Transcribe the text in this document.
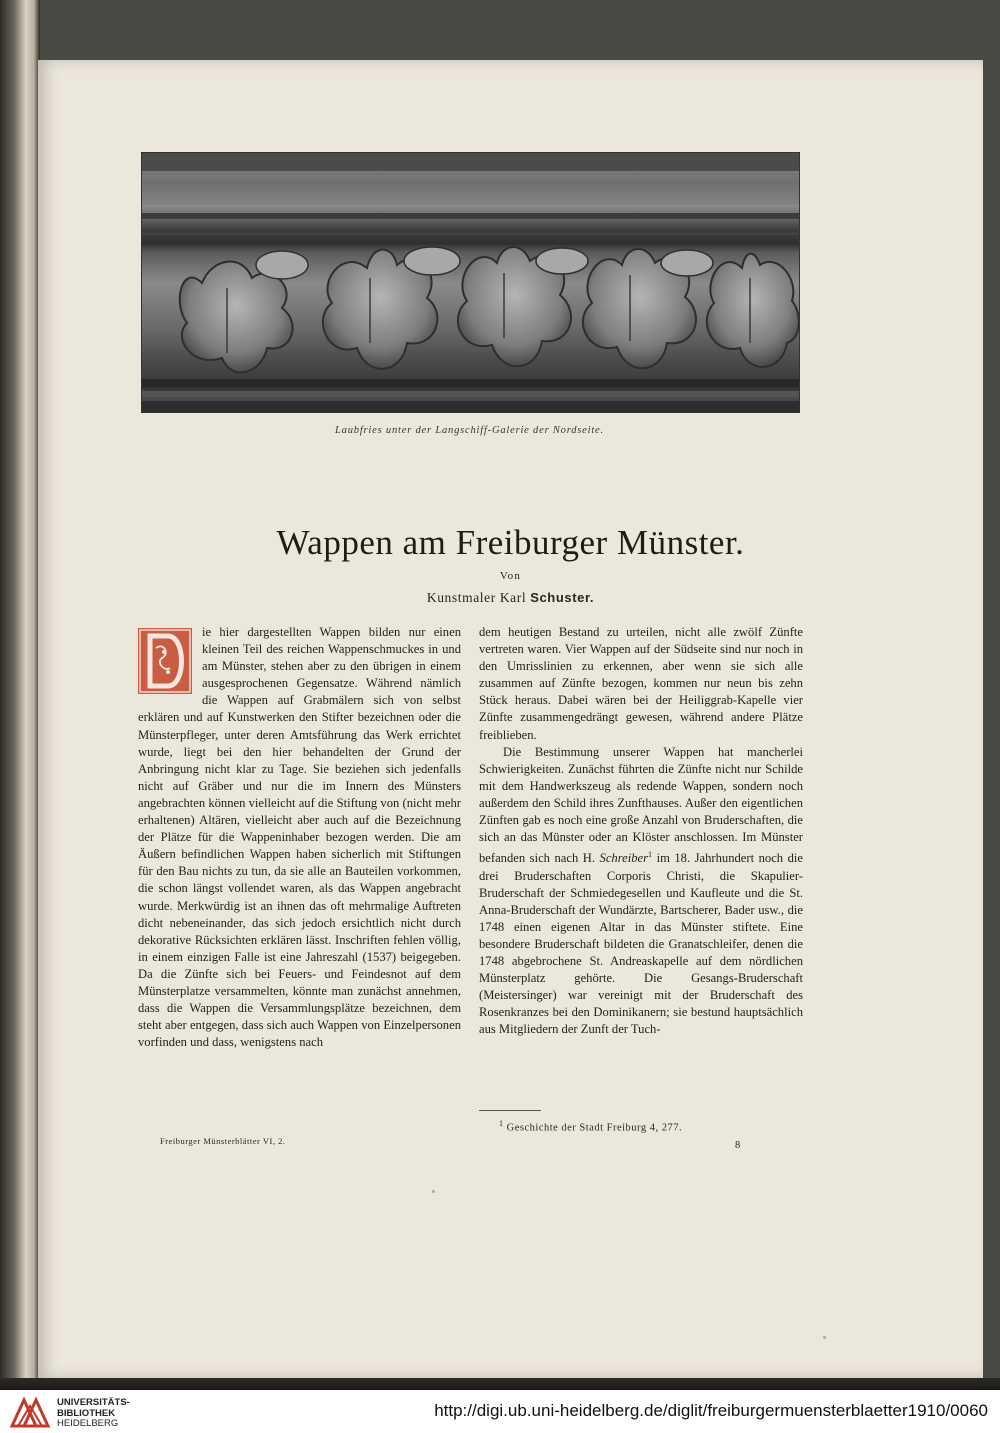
Laubfries unter der Langschiff-Galerie der Nordseite.
Wappen am Freiburger Münster.
Von
Kunstmaler Karl Schuster.

ie hier dargestellten Wappen bilden nur einen kleinen Teil des reichen Wappenschmuckes in und am Münster, stehen aber zu den übrigen in einem ausgesprochenen Gegensatze. Während nämlich die Wappen auf Grabmälern sich von selbst erklären und auf Kunstwerken den Stifter bezeichnen oder die Münsterpfleger, unter deren Amtsführung das Werk errichtet wurde, liegt bei den hier behandelten der Grund der Anbringung nicht klar zu Tage. Sie beziehen sich jedenfalls nicht auf Gräber und nur die im Innern des Münsters angebrachten können vielleicht auf die Stiftung von (nicht mehr erhaltenen) Altären, vielleicht aber auch auf die Bezeichnung der Plätze für die Wappeninhaber bezogen werden. Die am Äußern befindlichen Wappen haben sicherlich mit Stiftungen für den Bau nichts zu tun, da sie alle an Bauteilen vorkommen, die schon längst vollendet waren, als das Wappen angebracht wurde. Merkwürdig ist an ihnen das oft mehrmalige Auftreten dicht nebeneinander, das sich jedoch ersichtlich nicht durch dekorative Rücksichten erklären lässt. Inschriften fehlen völlig, in einem einzigen Falle ist eine Jahreszahl (1537) beigegeben. Da die Zünfte sich bei Feuers- und Feindesnot auf dem Münsterplatze versammelten, könnte man zunächst annehmen, dass die Wappen die Versammlungsplätze bezeichnen, dem steht aber entgegen, dass sich auch Wappen von Einzelpersonen vorfinden und dass, wenigstens nach

dem heutigen Bestand zu urteilen, nicht alle zwölf Zünfte vertreten waren. Vier Wappen auf der Südseite sind nur noch in den Umrisslinien zu erkennen, aber wenn sie sich alle zusammen auf Zünfte bezogen, kommen nur neun bis zehn Stück heraus. Dabei wären bei der Heiliggrab-Kapelle vier Zünfte zusammengedrängt gewesen, während andere Plätze freiblieben.

Die Bestimmung unserer Wappen hat mancherlei Schwierigkeiten. Zunächst führten die Zünfte nicht nur Schilde mit dem Handwerkszeug als redende Wappen, sondern noch außerdem den Schild ihres Zunfthauses. Außer den eigentlichen Zünften gab es noch eine große Anzahl von Bruderschaften, die sich an das Münster oder an Klöster anschlossen. Im Münster befanden sich nach H. Schreiber$^1$ im 18. Jahrhundert noch die drei Bruderschaften Corporis Christi, die Skapulier-Bruderschaft der Schmiedegesellen und Kaufleute und die St. Anna-Bruderschaft der Wundärzte, Bartscherer, Bader usw., die 1748 einen eigenen Altar in das Münster stiftete. Eine besondere Bruderschaft bildeten die Granatschleifer, denen die 1748 abgebrochene St. Andreaskapelle auf dem nördlichen Münsterplatz gehörte. Die Gesangs-Bruderschaft (Meistersinger) war vereinigt mit der Bruderschaft des Rosenkranzes bei den Dominikanern; sie bestund hauptsächlich aus Mitgliedern der Zunft der Tuch-

$^1$ Geschichte der Stadt Freiburg 4, 277.
Freiburger Münsterblätter VI, 2.	8
UNIVERSITÄTS-
BIBLIOTHEK
HEIDELBERG
http://digi.ub.uni-heidelberg.de/diglit/freiburgermuensterblaetter1910/0060
